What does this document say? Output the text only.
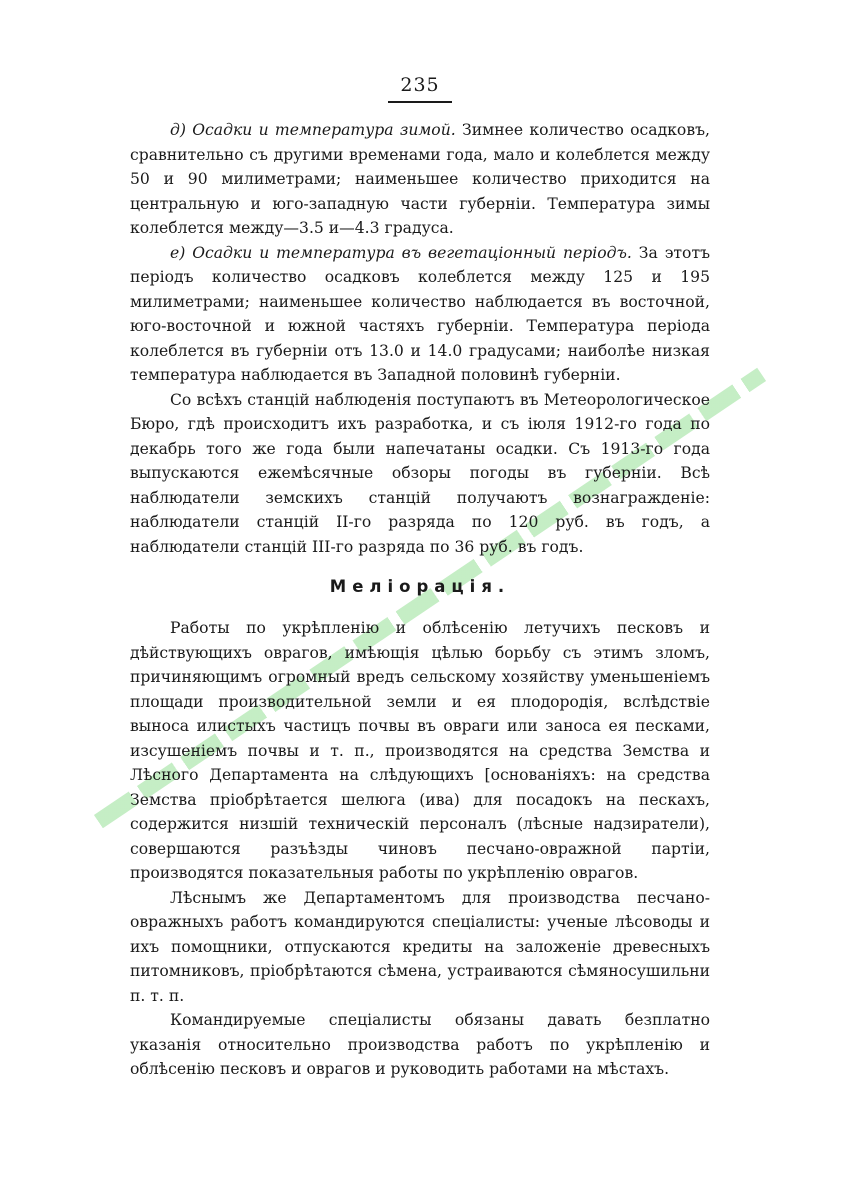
235

д) Осадки и температура зимой. Зимнее количество осадковъ, сравнительно съ другими временами года, мало и колеблется между 50 и 90 милиметрами; наименьшее количество приходится на центральную и юго-западную части губерніи. Температура зимы колеблется между—3.5 и—4.3 градуса.

е) Осадки и температура въ вегетаціонный періодъ. За этотъ періодъ количество осадковъ колеблется между 125 и 195 милиметрами; наименьшее количество наблюдается въ восточной, юго-восточной и южной частяхъ губерніи. Температура періода колеблется въ губерніи отъ 13.0 и 14.0 градусами; наиболѣе низкая температура наблюдается въ Западной половинѣ губерніи.

Со всѣхъ станцій наблюденія поступаютъ въ Метеорологическое Бюро, гдѣ происходитъ ихъ разработка, и съ іюля 1912-го года по декабрь того же года были напечатаны осадки. Съ 1913-го года выпускаются ежемѣсячные обзоры погоды въ губерніи. Всѣ наблюдатели земскихъ станцій получаютъ вознагражденіе: наблюдатели станцій II-го разряда по 120 руб. въ годъ, а наблюдатели станцій III-го разряда по 36 руб. въ годъ.

Меліорація.

Работы по укрѣпленію и облѣсенію летучихъ песковъ и дѣйствующихъ оврагов, имѣющія цѣлью борьбу съ этимъ зломъ, причиняющимъ огромный вредъ сельскому хозяйству уменьшеніемъ площади производительной земли и ея плодородія, вслѣдствіе выноса илистыхъ частицъ почвы въ овраги или заноса ея песками, изсушеніемъ почвы и т. п., производятся на средства Земства и Лѣсного Департамента на слѣдующихъ [основаніяхъ: на средства Земства пріобрѣтается шелюга (ива) для посадокъ на пескахъ, содержится низшій техническій персоналъ (лѣсные надзиратели), совершаются разъѣзды чиновъ песчано-овражной партіи, производятся показательныя работы по укрѣпленію оврагов.

Лѣснымъ же Департаментомъ для производства песчано-овражныхъ работъ командируются спеціалисты: ученые лѣсоводы и ихъ помощники, отпускаются кредиты на заложеніе древесныхъ питомниковъ, пріобрѣтаются сѣмена, устраиваются сѣмяносушильни п. т. п.

Командируемые спеціалисты обязаны давать безплатно указанія относительно производства работъ по укрѣпленію и облѣсенію песковъ и оврагов и руководить работами на мѣстахъ.
